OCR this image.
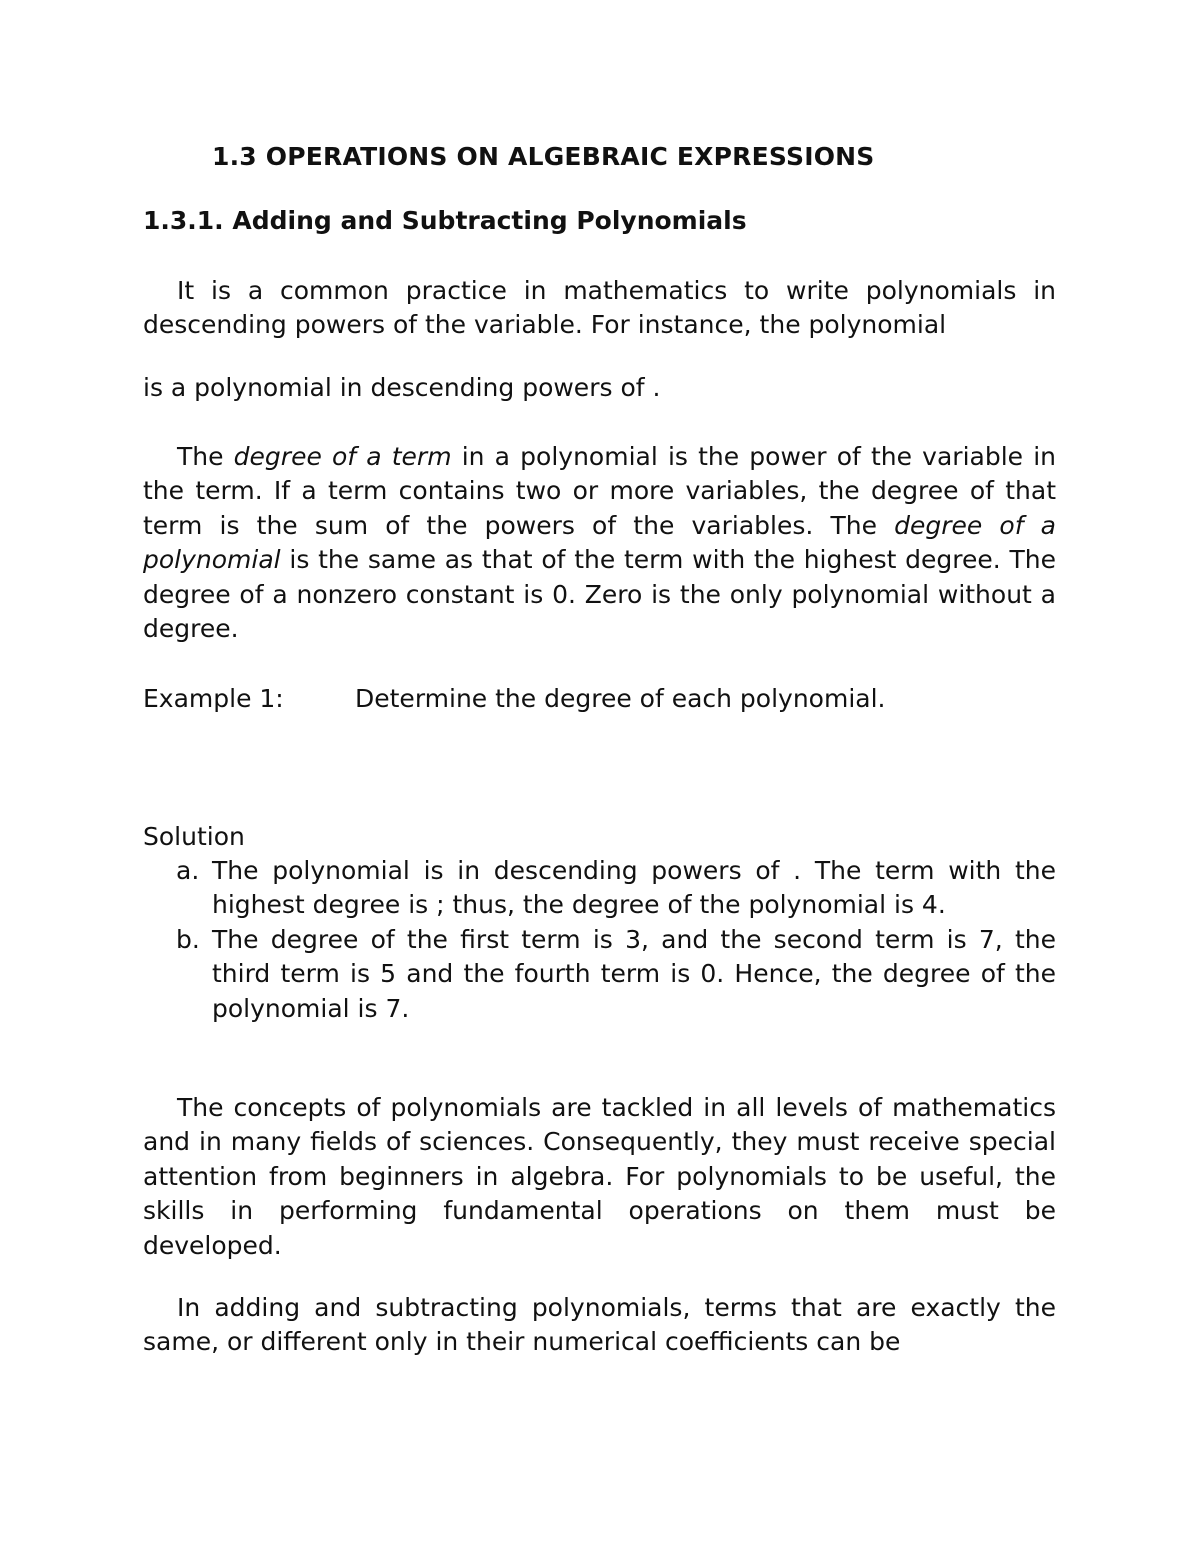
1.3 OPERATIONS ON ALGEBRAIC EXPRESSIONS
1.3.1. Adding and Subtracting Polynomials

It is a common practice in mathematics to write polynomials in descending powers of the variable. For instance, the polynomial

is a polynomial in descending powers of .

The degree of a term in a polynomial is the power of the variable in the term. If a term contains two or more variables, the degree of that term is the sum of the powers of the variables. The degree of a polynomial is the same as that of the term with the highest degree. The degree of a nonzero constant is 0. Zero is the only polynomial without a degree.

Example 1:	Determine the degree of each polynomial.
Solution
a. The polynomial is in descending powers of . The term with the highest degree is ; thus, the degree of the polynomial is 4.
b. The degree of the first term is 3, and the second term is 7, the third term is 5 and the fourth term is 0. Hence, the degree of the polynomial is 7.

The concepts of polynomials are tackled in all levels of mathematics and in many fields of sciences. Consequently, they must receive special attention from beginners in algebra. For polynomials to be useful, the skills in performing fundamental operations on them must be developed.

In adding and subtracting polynomials, terms that are exactly the same, or different only in their numerical coefficients can be
